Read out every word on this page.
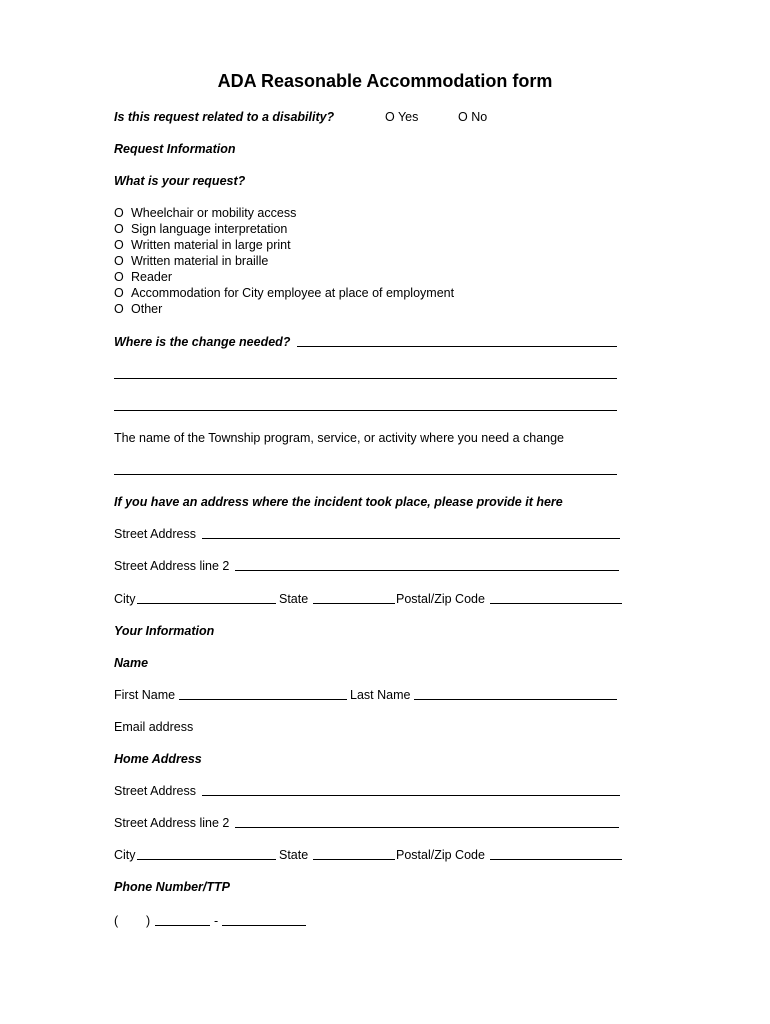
ADA Reasonable Accommodation form
Is this request related to a disability?	O Yes	O No
Request Information
What is your request?
O Wheelchair or mobility access
O Sign language interpretation
O Written material in large print
O Written material in braille
O Reader
O Accommodation for City employee at place of employment
O Other
Where is the change needed?
The name of the Township program, service, or activity where you need a change
If you have an address where the incident took place, please provide it here
Street Address
Street Address line 2
City	State	Postal/Zip Code
Your Information
Name
First Name	Last Name
Email address
Home Address
Street Address
Street Address line 2
City	State	Postal/Zip Code
Phone Number/TTP
( )	-
